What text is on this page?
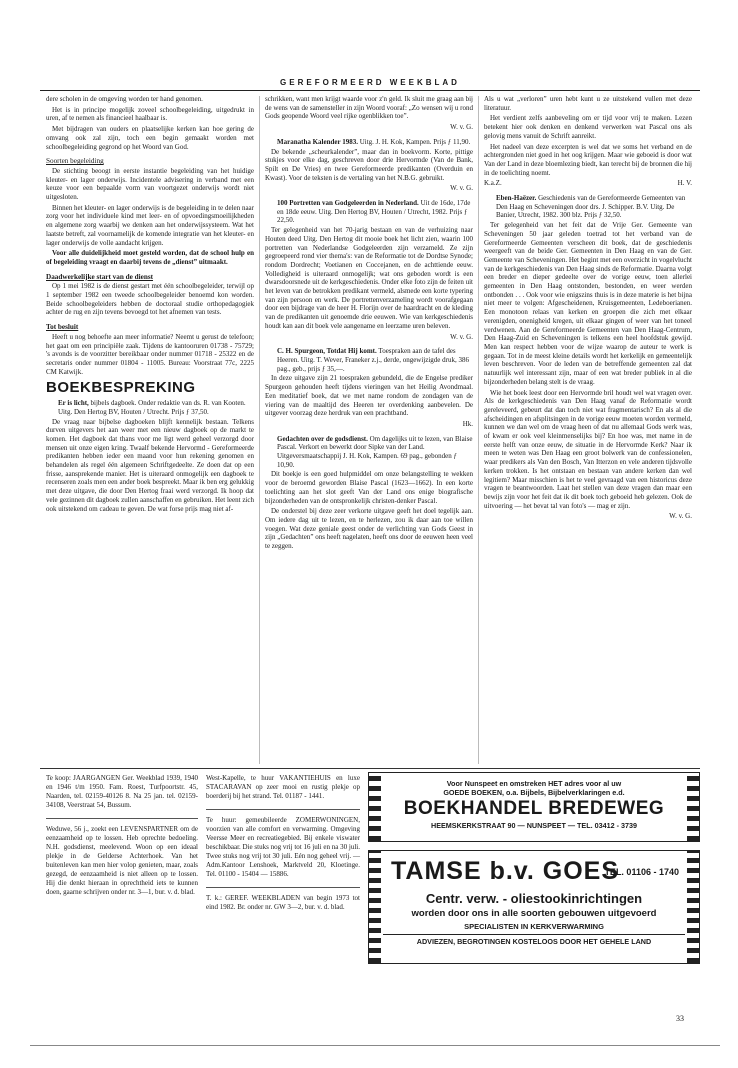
GEREFORMEERD WEEKBLAD

dere scholen in de omgeving worden ter hand genomen.

Het is in principe mogelijk zoveel schoolbegeleiding, uitgedrukt in uren, af te nemen als financieel haalbaar is.

Met bijdragen van ouders en plaatselijke kerken kan hoe gering de omvang ook zal zijn, toch een begin gemaakt worden met schoolbegeleiding gegrond op het Woord van God.

Soorten begeleiding

De stichting beoogt in eerste instantie begeleiding van het huidige kleuter- en lager onderwijs. Incidentele advisering in verband met een keuze voor een bepaalde vorm van voortgezet onderwijs wordt niet uitgesloten.

Binnen het kleuter- en lager onderwijs is de begeleiding in te delen naar zorg voor het individuele kind met leer- en of opvoedingsmoeilijkheden en algemene zorg waarbij we denken aan het onderwijssysteem. Wat het laatste betreft, zal voornamelijk de komende integratie van het kleuter- en lager onderwijs de volle aandacht krijgen.

Voor alle duidelijkheid moet gesteld worden, dat de school hulp en of begeleiding vraagt en daarbij tevens de „dienst” uitmaakt.

Daadwerkelijke start van de dienst

Op 1 mei 1982 is de dienst gestart met één schoolbegeleider, terwijl op 1 september 1982 een tweede schoolbegeleider benoemd kon worden. Beide schoolbegeleiders hebben de doctoraal studie orthopedagogiek achter de rug en zijn tevens bevoegd tot het afnemen van tests.

Tot besluit

Heeft u nog behoefte aan meer informatie? Neemt u gerust de telefoon; het gaat om een principiële zaak. Tijdens de kantooruren 01738 - 75729; 's avonds is de voorzitter bereikbaar onder nummer 01718 - 25322 en de secretaris onder nummer 01804 - 11005. Bureau: Voorstraat 77c, 2225 CM Katwijk.

BOEKBESPREKING
Er is licht, bijbels dagboek. Onder redaktie van ds. R. van Kooten. Uitg. Den Hertog BV, Houten / Utrecht. Prijs ƒ 37,50.

De vraag naar bijbelse dagboeken blijft kennelijk bestaan. Telkens durven uitgevers het aan weer met een nieuw dagboek op de markt te komen. Het dagboek dat thans voor me ligt werd geheel verzorgd door mensen uit onze eigen kring. Twaalf bekende Hervormd - Gereformeerde predikanten hebben ieder een maand voor hun rekening genomen en behandelen als regel één algemeen Schriftgedeelte. Ze doen dat op een frisse, aansprekende manier. Het is uiteraard onmogelijk een dagboek te recenseren zoals men een ander boek bespreekt. Maar ik ben erg gelukkig met deze uitgave, die door Den Hertog fraai werd verzorgd. Ik hoop dat vele gezinnen dit dagboek zullen aanschaffen en gebruiken. Het leent zich ook uitstekend om cadeau te geven. De wat forse prijs mag niet af-

schrikken, want men krijgt waarde voor z'n geld. Ik sluit me graag aan bij de wens van de samensteller in zijn Woord vooraf: „Zo wensen wij u rond Gods geopende Woord veel rijke ogenblikken toe”.

W. v. G.

Maranatha Kalender 1983. Uitg. J. H. Kok, Kampen. Prijs ƒ 11,90.

De bekende „scheurkalender”, maar dan in boekvorm. Korte, pittige stukjes voor elke dag, geschreven door drie Hervormde (Van de Bank, Spilt en De Vries) en twee Gereformeerde predikanten (Overduin en Kwast). Voor de teksten is de vertaling van het N.B.G. gebruikt.

W. v. G.

100 Portretten van Godgeleerden in Nederland. Uit de 16de, 17de en 18de eeuw. Uitg. Den Hertog BV, Houten / Utrecht, 1982. Prijs ƒ 22,50.

Ter gelegenheid van het 70-jarig bestaan en van de verhuizing naar Houten deed Uitg. Den Hertog dit mooie boek het licht zien, waarin 100 portretten van Nederlandse Godgeleerden zijn verzameld. Ze zijn gegroepeerd rond vier thema's: van de Reformatie tot de Dordtse Synode; rondom Dordrecht; Voetianen en Coccejanen, en de achttiende eeuw. Volledigheid is uiteraard onmogelijk; wat ons geboden wordt is een dwarsdoorsnede uit de kerkgeschiedenis. Onder elke foto zijn de feiten uit het leven van de betrokken predikant vermeld, alsmede een korte typering van zijn persoon en werk. De portrettenverzameling wordt voorafgegaan door een bijdrage van de heer H. Florijn over de haardracht en de kleding van de predikanten uit genoemde drie eeuwen. Wie van kerkgeschiedenis houdt kan aan dit boek vele aangename en leerzame uren beleven.

W. v. G.

C. H. Spurgeon, Totdat Hij komt. Toespraken aan de tafel des Heeren. Uitg. T. Wever, Franeker z.j., derde, ongewijzigde druk, 386 pag., geb., prijs ƒ 35,—.

In deze uitgave zijn 21 toespraken gebundeld, die de Engelse prediker Spurgeon gehouden heeft tijdens vieringen van het Heilig Avondmaal. Een meditatief boek, dat we met name rondom de zondagen van de viering van de maaltijd des Heeren ter overdenking aanbevelen. De uitgever voorzag deze herdruk van een prachtband.

Hk.

Gedachten over de godsdienst. Om dagelijks uit te lezen, van Blaise Pascal. Verkort en bewerkt door Sipke van der Land. Uitgeversmaatschappij J. H. Kok, Kampen. 69 pag., gebonden ƒ 10,90.

Dit boekje is een goed hulpmiddel om onze belangstelling te wekken voor de beroemd geworden Blaise Pascal (1623—1662). In een korte toelichting aan het slot geeft Van der Land ons enige biografische bijzonderheden van de ontspronkelijk christen-denker Pascal.

De onderstel bij deze zeer verkorte uitgave geeft het doel tegelijk aan. Om iedere dag uit te lezen, en te herlezen, zou ik daar aan toe willen voegen. Wat deze geniale geest onder de verlichting van Gods Geest in zijn „Gedachten” ons heeft nagelaten, heeft ons door de eeuwen heen veel te zeggen.

Als u wat „verloren” uren hebt kunt u ze uitstekend vullen met deze literatuur.

Het verdient zelfs aanbeveling om er tijd voor vrij te maken. Lezen betekent hier ook denken en denkend verwerken wat Pascal ons als gelovig mens vanuit de Schrift aanreikt.

Het nadeel van deze excerpten is wel dat we soms het verband en de achtergronden niet goed in het oog krijgen. Maar wie geboeid is door wat Van der Land in deze bloemlezing biedt, kan terecht bij de bronnen die hij in de toelichting noemt.

K.a.Z.	H. V.

Eben-Haëzer. Geschiedenis van de Gereformeerde Gemeenten van Den Haag en Scheveningen door drs. J. Schipper. B.V. Uitg. De Banier, Utrecht, 1982. 300 blz. Prijs ƒ 32,50.

Ter gelegenheid van het feit dat de Vrije Ger. Gemeente van Scheveningen 50 jaar geleden toetrad tot het verband van de Gereformeerde Gemeenten verscheen dit boek, dat de geschiedenis weergeeft van de beide Ger. Gemeenten in Den Haag en van de Ger. Gemeente van Scheveningen. Het begint met een overzicht in vogelvlucht van de kerkgeschiedenis van Den Haag sinds de Reformatie. Daarna volgt een breder en dieper gedeelte over de vorige eeuw, toen allerlei gemeenten in Den Haag ontstonden, bestonden, en weer werden ontbonden . . . Ook voor wie enigszins thuis is in deze materie is het bijna niet meer te volgen: Afgescheidenen, Kruisgemeenten, Ledeboerianen. Een monotoon relaas van kerken en groepen die zich met elkaar verenigden, onenigheid kregen, uit elkaar gingen of weer van het toneel verdwenen. Aan de Gereformeerde Gemeenten van Den Haag-Centrum, Den Haag-Zuid en Scheveningen is telkens een heel hoofdstuk gewijd. Men kan respect hebben voor de wijze waarop de auteur te werk is gegaan. Tot in de meest kleine details wordt het kerkelijk en gemeentelijk leven beschreven. Voor de leden van de betreffende gemeenten zal dat natuurlijk wel interessant zijn, maar of een wat breder publiek in al die bijzonderheden belang stelt is de vraag.

Wie het boek leest door een Hervormde bril houdt wel wat vragen over. Als de kerkgeschiedenis van Den Haag vanaf de Reformatie wordt gereleveerd, gebeurt dat dan toch niet wat fragmentarisch? En als al die afscheidingen en afsplitsingen in de vorige eeuw moeten worden vermeld, kunnen we dan wel om de vraag heen of dat nu allemaal Gods werk was, of kwam er ook veel kleinmenselijks bij? En hoe was, met name in de eerste helft van onze eeuw, de situatie in de Hervormde Kerk? Naar ik meen te weten was Den Haag een groot bolwerk van de confessionelen, waar predikers als Van den Bosch, Van Itterzon en vele anderen tijdsvolle kerken trokken. Is het ontstaan en bestaan van andere kerken dan wel legitiem? Maar misschien is het te veel gevraagd van een historicus deze vragen te beantwoorden. Laat het stellen van deze vragen dan maar een bewijs zijn voor het feit dat ik dit boek toch geboeid heb gelezen. Ook de uitvoering — het bevat tal van foto's — mag er zijn.

W. v. G.

Te koop: JAARGANGEN Ger. Weekblad 1939, 1940 en 1946 t/m 1950. Fam. Roest, Turfpoortstr. 45, Naarden, tel. 02159-40126 8. Na 25 jan. tel. 02159-34108, Veerstraat 54, Bussum.

Weduwe, 56 j., zoekt een LEVENSPARTNER om de eenzaamheid op te lossen. Heb oprechte bedoeling. N.H. godsdienst, meelevend. Woon op een ideaal plekje in de Gelderse Achterhoek. Van het buitenleven kan men hier volop genieten, maar, zoals gezegd, de eenzaamheid is niet alleen op te lossen. Hij die denkt hieraan in oprechtheid iets te kunnen doen, gaarne schrijven onder nr. 3—1, bur. v. d. blad.

West-Kapelle, te huur VAKANTIEHUIS en luxe STACARAVAN op zeer mooi en rustig plekje op boerderij bij het strand. Tel. 01187 - 1441.

Te huur: gemeubileerde ZOMERWONINGEN, voorzien van alle comfort en verwarming. Omgeving Veersse Meer en recreatiegebied. Bij enkele viswater beschikbaar. Die stuks nog vrij tot 16 juli en na 30 juli. Twee stuks nog vrij tot 30 juli. Eén nog geheel vrij. — Adm.Kantoor Lenshoek, Marktveld 20, Kloetinge. Tel. 01100 - 15404 — 15886.

T. k.: GEREF. WEEKBLADEN van begin 1973 tot eind 1982. Br. onder nr. GW 3—2, bur. v. d. blad.

Voor Nunspeet en omstreken HET adres voor al uw
GOEDE BOEKEN, o.a. Bijbels, Bijbelverklaringen e.d.
BOEKHANDEL BREDEWEG
HEEMSKERKSTRAAT 90 — NUNSPEET — TEL. 03412 - 3739
TAMSE b.v. GOES
TEL. 01106 - 1740
Centr. verw. - oliestookinrichtingen
worden door ons in alle soorten gebouwen uitgevoerd
SPECIALISTEN IN KERKVERWARMING
ADVIEZEN, BEGROTINGEN KOSTELOOS DOOR HET GEHELE LAND
33
